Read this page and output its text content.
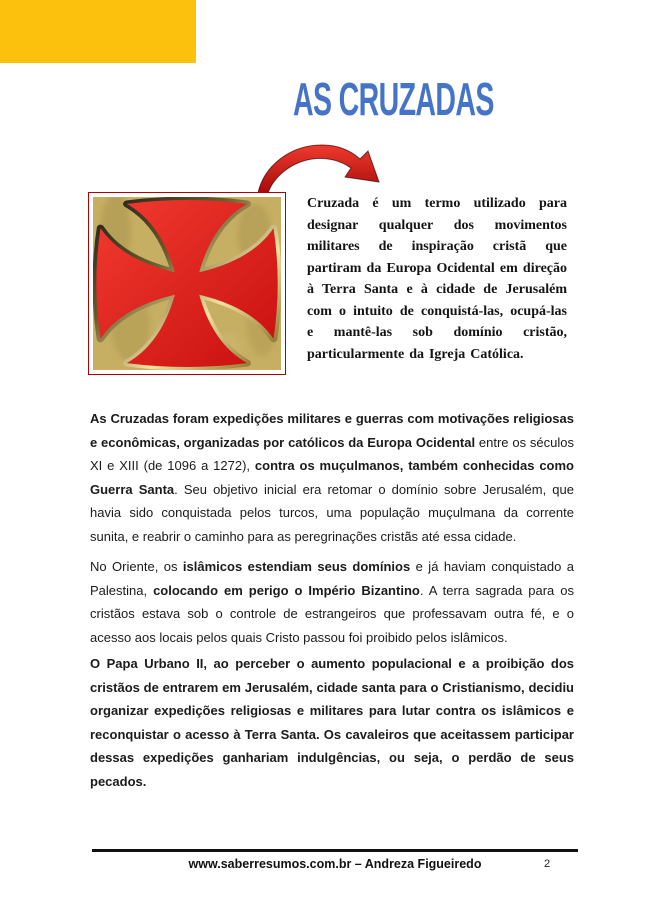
AS CRUZADAS
Cruzada é um termo utilizado para designar qualquer dos movimentos militares de inspiração cristã que partiram da Europa Ocidental em direção à Terra Santa e à cidade de Jerusalém com o intuito de conquistá-las, ocupá-las e mantê-las sob domínio cristão, particularmente da Igreja Católica.
As Cruzadas foram expedições militares e guerras com motivações religiosas e econômicas, organizadas por católicos da Europa Ocidental entre os séculos XI e XIII (de 1096 a 1272), contra os muçulmanos, também conhecidas como Guerra Santa. Seu objetivo inicial era retomar o domínio sobre Jerusalém, que havia sido conquistada pelos turcos, uma população muçulmana da corrente sunita, e reabrir o caminho para as peregrinações cristãs até essa cidade.
No Oriente, os islâmicos estendiam seus domínios e já haviam conquistado a Palestina, colocando em perigo o Império Bizantino. A terra sagrada para os cristãos estava sob o controle de estrangeiros que professavam outra fé, e o acesso aos locais pelos quais Cristo passou foi proibido pelos islâmicos.
O Papa Urbano II, ao perceber o aumento populacional e a proibição dos cristãos de entrarem em Jerusalém, cidade santa para o Cristianismo, decidiu organizar expedições religiosas e militares para lutar contra os islâmicos e reconquistar o acesso à Terra Santa. Os cavaleiros que aceitassem participar dessas expedições ganhariam indulgências, ou seja, o perdão de seus pecados.
www.saberresumos.com.br – Andreza Figueiredo	2
